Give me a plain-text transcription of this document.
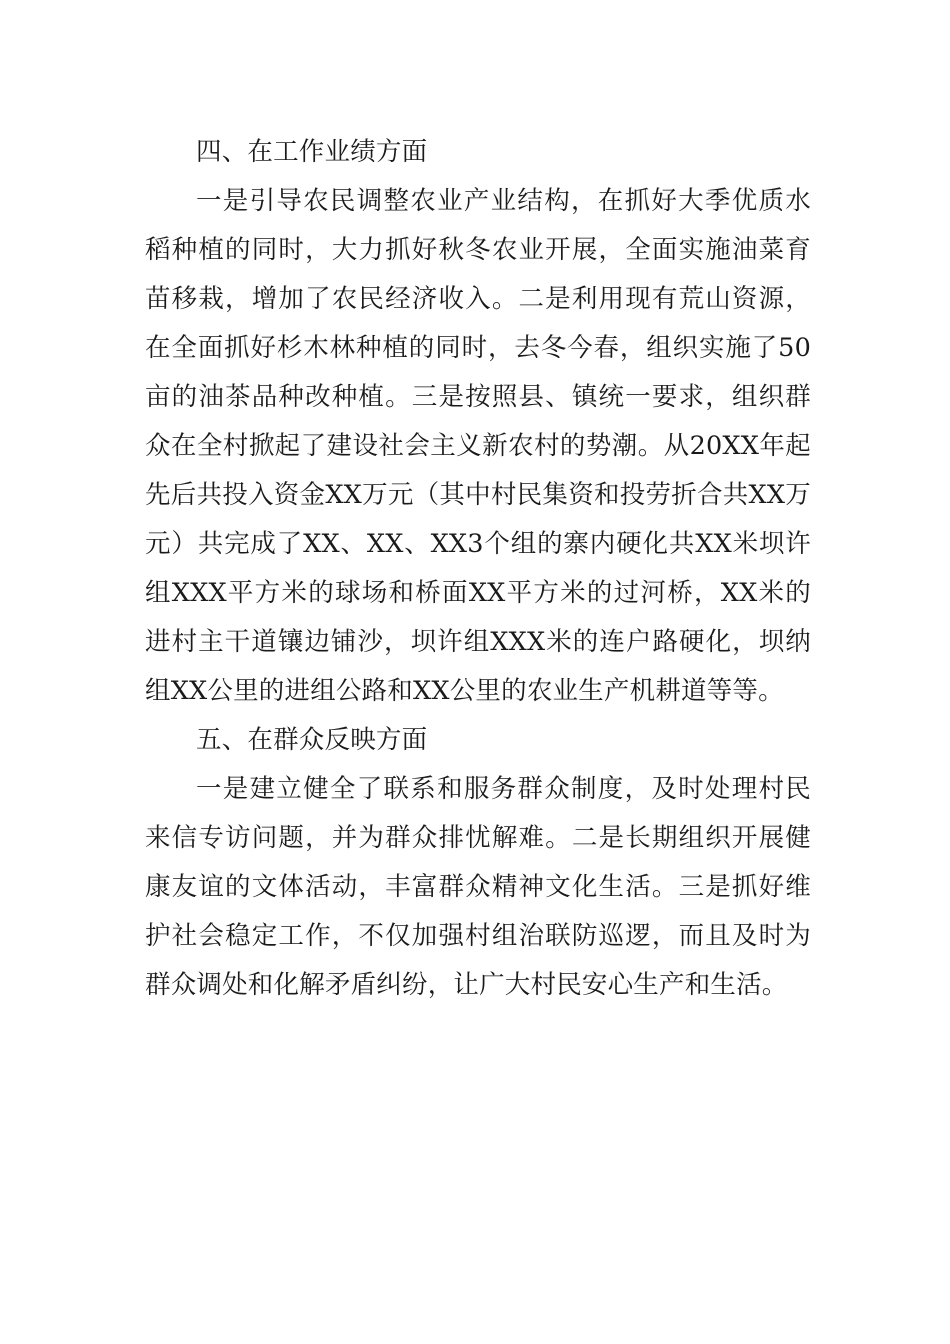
四、在工作业绩方面

一是引导农民调整农业产业结构，在抓好大季优质水稻种植的同时，大力抓好秋冬农业开展，全面实施油菜育苗移栽，增加了农民经济收入。二是利用现有荒山资源，在全面抓好杉木林种植的同时，去冬今春，组织实施了50亩的油茶品种改种植。三是按照县、镇统一要求，组织群众在全村掀起了建设社会主义新农村的势潮。从20XX年起先后共投入资金XX万元（其中村民集资和投劳折合共XX万元）共完成了XX、XX、XX3个组的寨内硬化共XX米坝许组XXX平方米的球场和桥面XX平方米的过河桥，XX米的进村主干道镶边铺沙，坝许组XXX米的连户路硬化，坝纳组XX公里的进组公路和XX公里的农业生产机耕道等等。

五、在群众反映方面

一是建立健全了联系和服务群众制度，及时处理村民来信专访问题，并为群众排忧解难。二是长期组织开展健康友谊的文体活动，丰富群众精神文化生活。三是抓好维护社会稳定工作，不仅加强村组治联防巡逻，而且及时为群众调处和化解矛盾纠纷，让广大村民安心生产和生活。
